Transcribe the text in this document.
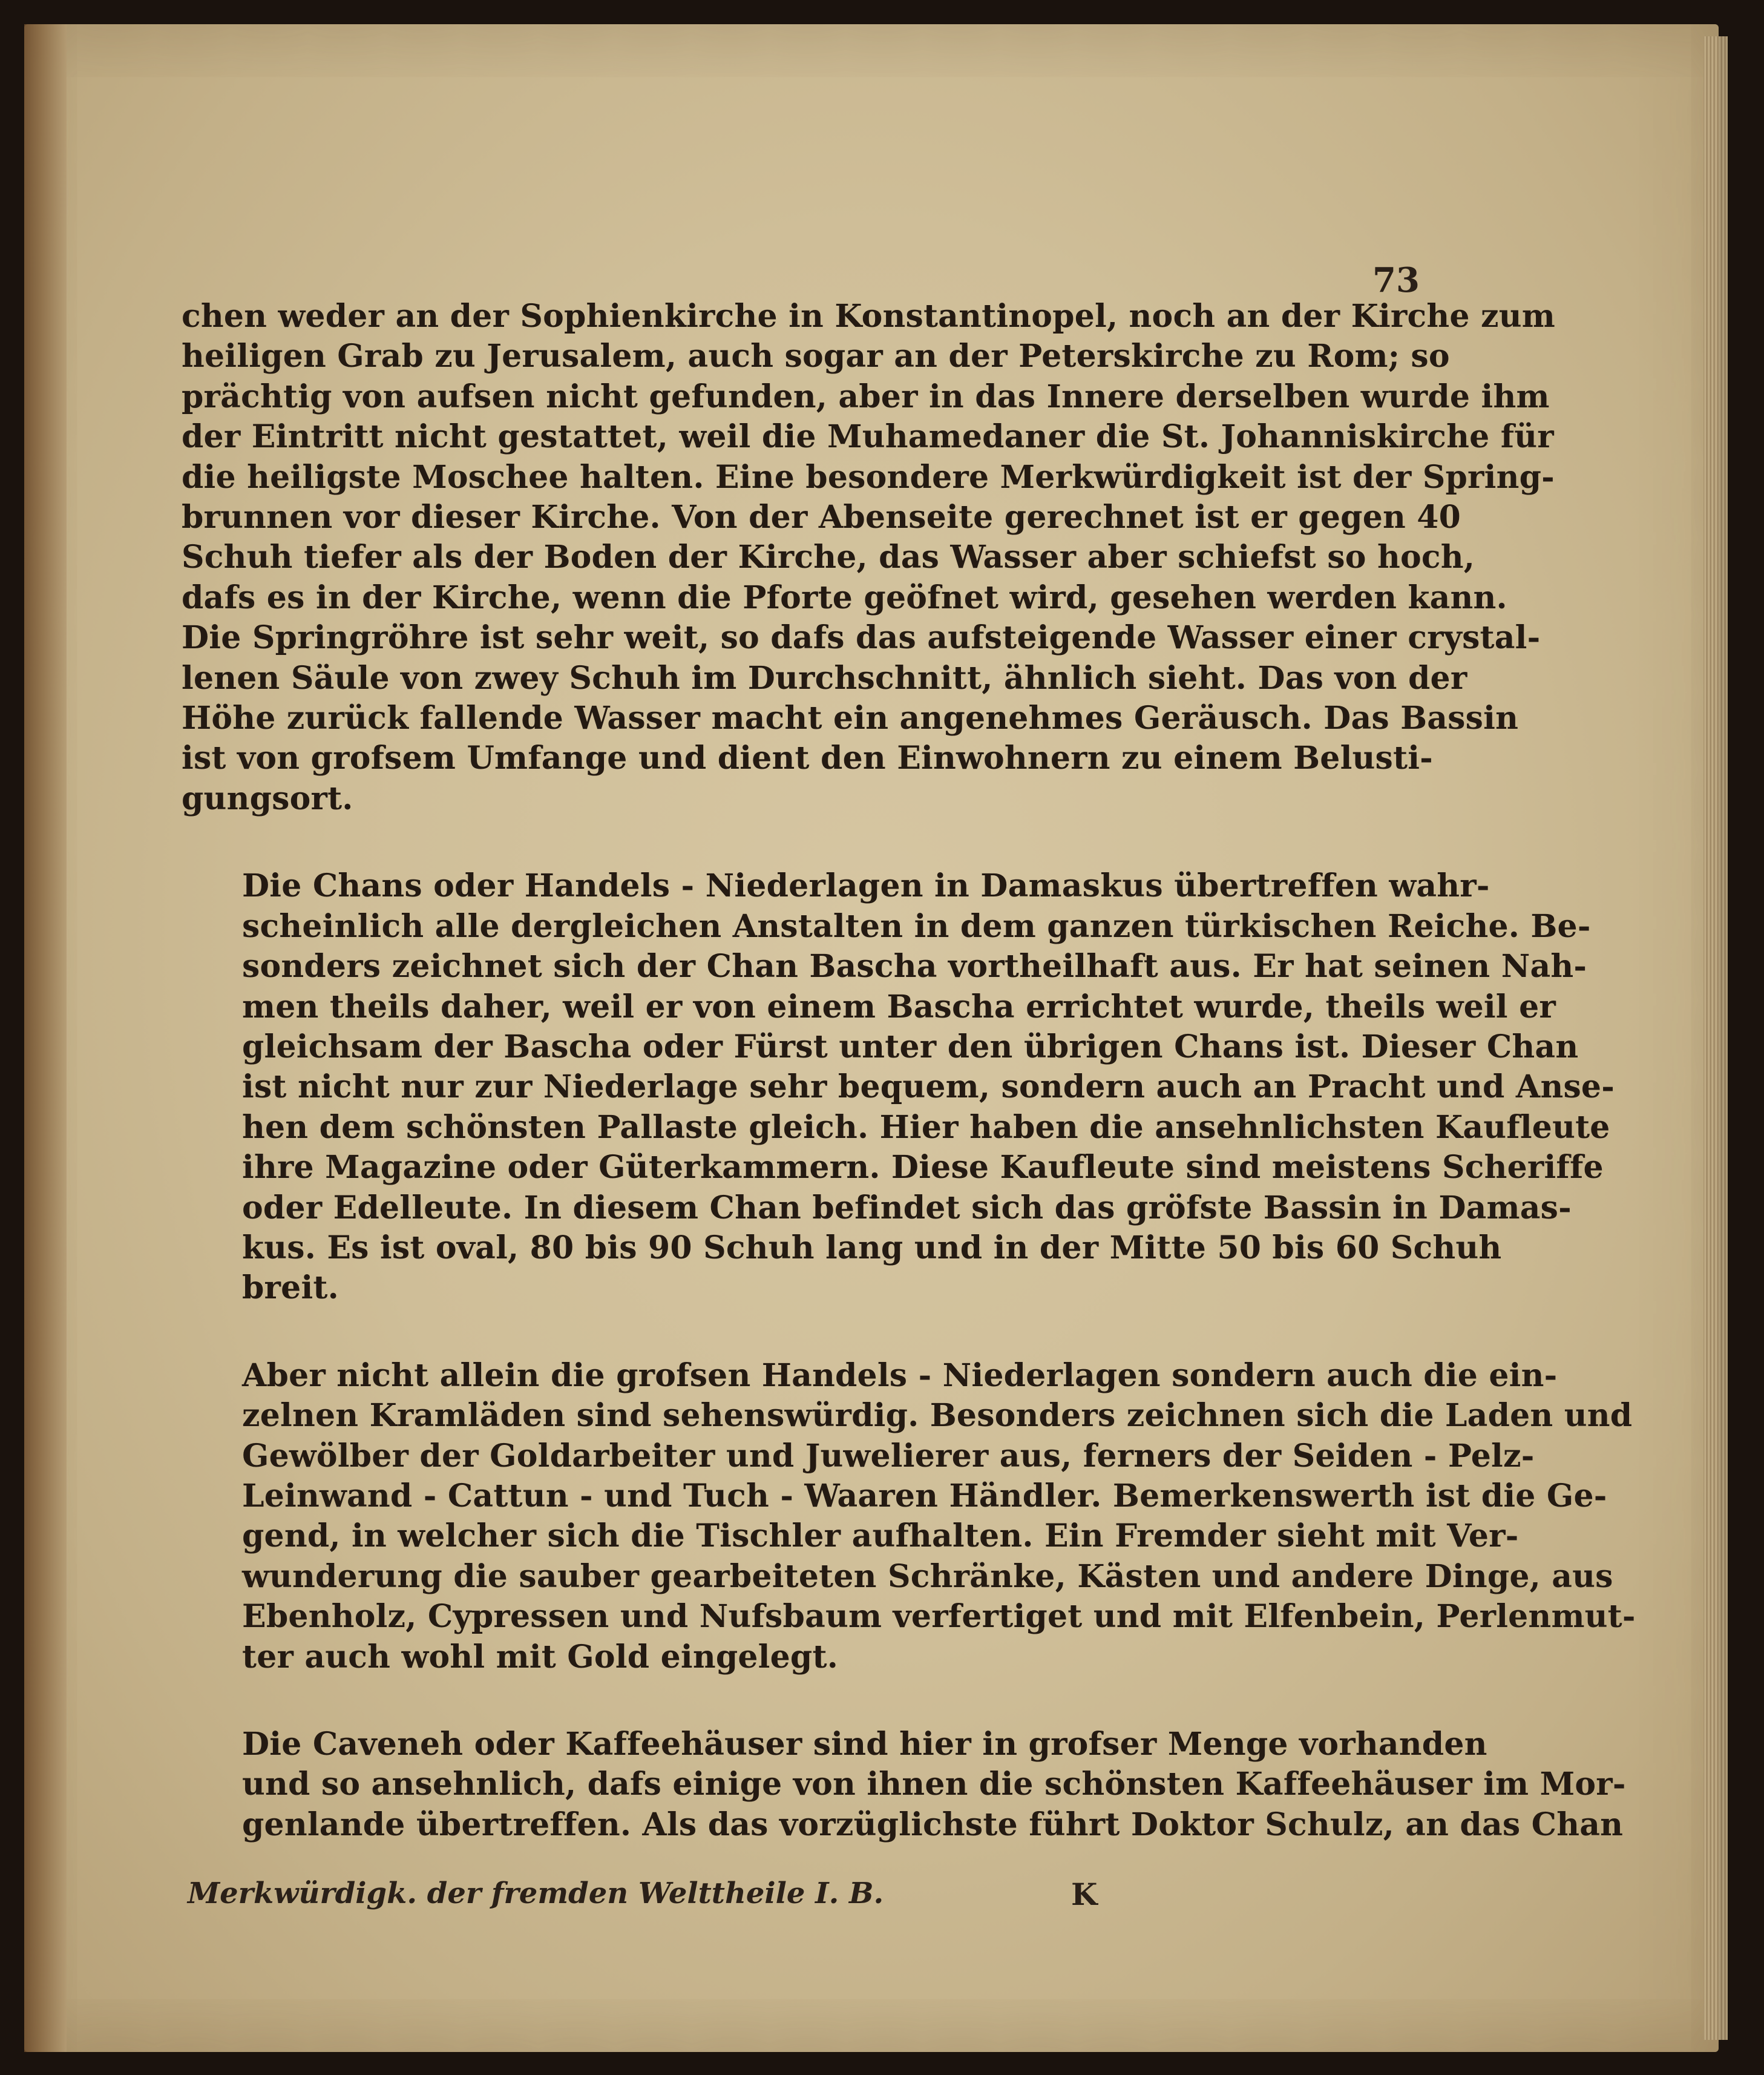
73

chen weder an der Sophienkirche in Konstantinopel, noch an der Kirche zum
heiligen Grab zu Jerusalem, auch sogar an der Peterskirche zu Rom; so
prächtig von aufsen nicht gefunden, aber in das Innere derselben wurde ihm
der Eintritt nicht gestattet, weil die Muhamedaner die St. Johanniskirche für
die heiligste Moschee halten. Eine besondere Merkwürdigkeit ist der Spring-
brunnen vor dieser Kirche. Von der Abenseite gerechnet ist er gegen 40
Schuh tiefer als der Boden der Kirche, das Wasser aber schiefst so hoch,
dafs es in der Kirche, wenn die Pforte geöfnet wird, gesehen werden kann.
Die Springröhre ist sehr weit, so dafs das aufsteigende Wasser einer crystal-
lenen Säule von zwey Schuh im Durchschnitt, ähnlich sieht. Das von der
Höhe zurück fallende Wasser macht ein angenehmes Geräusch. Das Bassin
ist von grofsem Umfange und dient den Einwohnern zu einem Belusti-
gungsort.

Die Chans oder Handels - Niederlagen in Damaskus übertreffen wahr-
scheinlich alle dergleichen Anstalten in dem ganzen türkischen Reiche. Be-
sonders zeichnet sich der Chan Bascha vortheilhaft aus. Er hat seinen Nah-
men theils daher, weil er von einem Bascha errichtet wurde, theils weil er
gleichsam der Bascha oder Fürst unter den übrigen Chans ist. Dieser Chan
ist nicht nur zur Niederlage sehr bequem, sondern auch an Pracht und Anse-
hen dem schönsten Pallaste gleich. Hier haben die ansehnlichsten Kaufleute
ihre Magazine oder Güterkammern. Diese Kaufleute sind meistens Scheriffe
oder Edelleute. In diesem Chan befindet sich das gröfste Bassin in Damas-
kus. Es ist oval, 80 bis 90 Schuh lang und in der Mitte 50 bis 60 Schuh
breit.

Aber nicht allein die grofsen Handels - Niederlagen sondern auch die ein-
zelnen Kramläden sind sehenswürdig. Besonders zeichnen sich die Laden und
Gewölber der Goldarbeiter und Juwelierer aus, ferners der Seiden - Pelz-
Leinwand - Cattun - und Tuch - Waaren Händler. Bemerkenswerth ist die Ge-
gend, in welcher sich die Tischler aufhalten. Ein Fremder sieht mit Ver-
wunderung die sauber gearbeiteten Schränke, Kästen und andere Dinge, aus
Ebenholz, Cypressen und Nufsbaum verfertiget und mit Elfenbein, Perlenmut-
ter auch wohl mit Gold eingelegt.

Die Caveneh oder Kaffeehäuser sind hier in grofser Menge vorhanden
und so ansehnlich, dafs einige von ihnen die schönsten Kaffeehäuser im Mor-
genlande übertreffen. Als das vorzüglichste führt Doktor Schulz, an das Chan

Merkwürdigk. der fremden Welttheile I. B.	K
